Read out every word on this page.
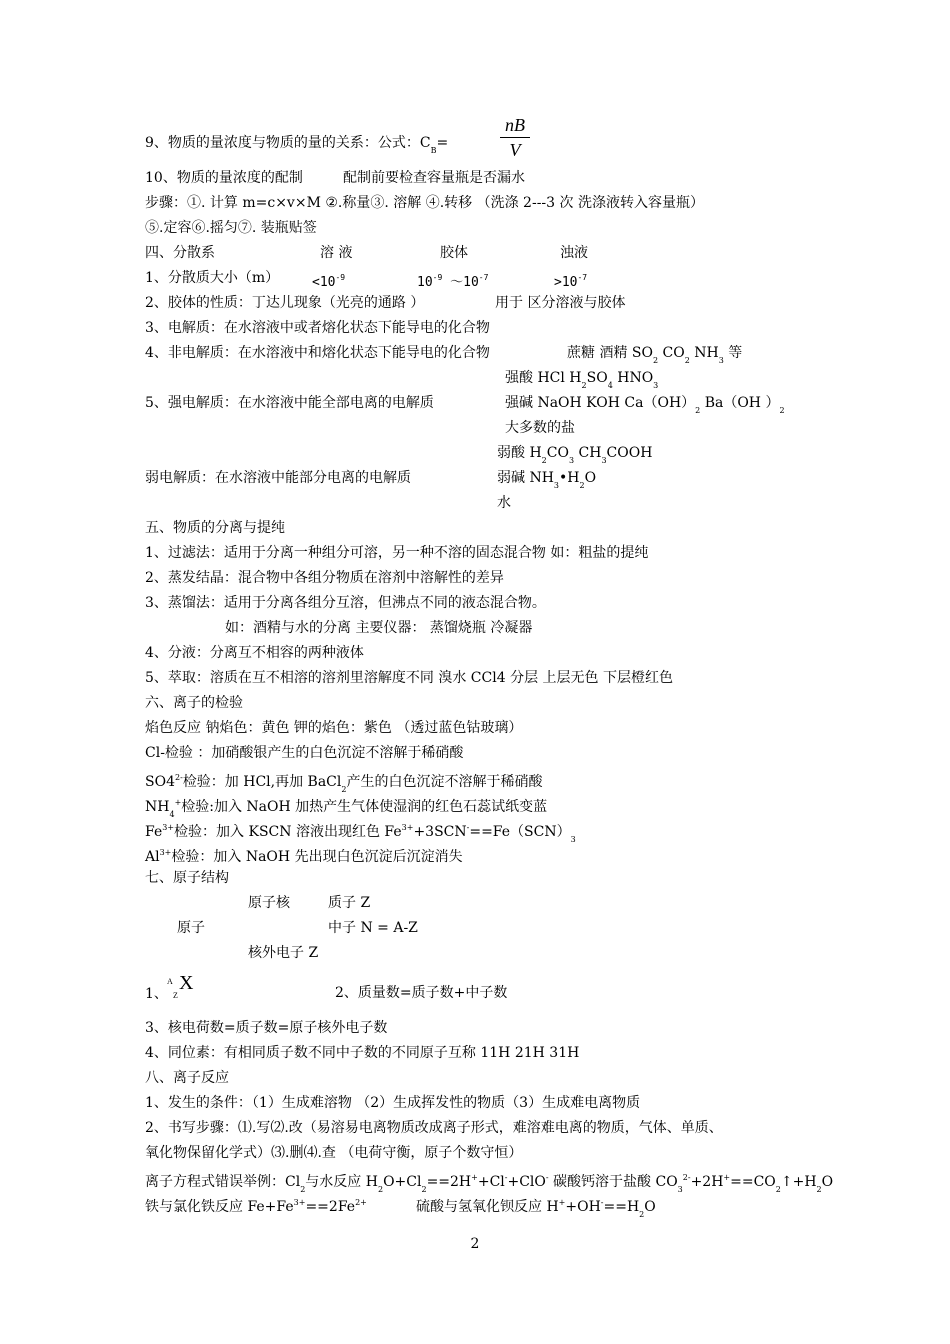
9、物质的量浓度与物质的量的关系：公式：$C_B=$
nB
V
10、物质的量浓度的配制	配制前要检查容量瓶是否漏水
步骤：①. 计算 m=c×v×M ②.称量③. 溶解 ④.转移 （洗涤 2---3 次 洗涤液转入容量瓶）
⑤.定容⑥.摇匀⑦. 装瓶贴签
四、分散系	溶 液	胶体	浊液
1、分散质大小（m）	$<10^{-9}$	$10^{-9}$ $\sim 10^{-7}$	$>10^{-7}$
2、胶体的性质：丁达儿现象（光亮的通路 ）	用于 区分溶液与胶体
3、电解质：在水溶液中或者熔化状态下能导电的化合物
4、非电解质：在水溶液中和熔化状态下能导电的化合物	蔗糖 酒精 $SO_2$ $CO_2$ $NH_3$ 等
强酸 HCl $H_2SO_4$ $HNO_3$
5、强电解质：在水溶液中能全部电离的电解质	强碱 NaOH KOH $Ca(OH)_2$ Ba（OH ）$_2$
大多数的盐
弱酸 $H_2CO_3$ $CH_3COOH$
弱电解质：在水溶液中能部分电离的电解质	弱碱 $NH_3•H_2O$
水
五、物质的分离与提纯
1、过滤法：适用于分离一种组分可溶，另一种不溶的固态混合物 如：粗盐的提纯
2、蒸发结晶：混合物中各组分物质在溶剂中溶解性的差异
3、蒸馏法：适用于分离各组分互溶，但沸点不同的液态混合物。
如：酒精与水的分离 主要仪器： 蒸馏烧瓶 冷凝器
4、分液：分离互不相容的两种液体
5、萃取：溶质在互不相溶的溶剂里溶解度不同 溴水 CCl4 分层 上层无色 下层橙红色
六、离子的检验
焰色反应 钠焰色：黄色 钾的焰色：紫色 （透过蓝色钴玻璃）
Cl-检验 ：加硝酸银产生的白色沉淀不溶解于稀硝酸
$SO4^{2-}$检验：加 HCl,再加 BaCl$_2$产生的白色沉淀不溶解于稀硝酸
$NH_4^+$检验:加入 NaOH 加热产生气体使湿润的红色石蕊试纸变蓝
$Fe^{3+}$检验：加入 KSCN 溶液出现红色 $Fe^{3+}+3SCN^-==Fe(SCN)_3$
$Al^{3+}$检验：加入 NaOH 先出现白色沉淀后沉淀消失
七、原子结构
原子核	质子 Z
原子	中子 N = A-Z
核外电子 Z
1、
A
Z
X	2、质量数=质子数+中子数
3、核电荷数=质子数=原子核外电子数
4、同位素：有相同质子数不同中子数的不同原子互称 11H 21H 31H
八、离子反应
1、发生的条件：（1）生成难溶物 （2）生成挥发性的物质（3）生成难电离物质
2、书写步骤：⑴.写⑵.改（易溶易电离物质改成离子形式，难溶难电离的物质，气体、单质、
氧化物保留化学式）⑶.删⑷.查 （电荷守衡，原子个数守恒）
离子方程式错误举例：$Cl_2$与水反应 $H_2O+Cl_2==2H^++Cl^-+ClO^-$ 碳酸钙溶于盐酸 $CO_3^{2-}+2H^+==CO_2↑+H_2O$
铁与氯化铁反应 $Fe+Fe^{3+}==2Fe^{2+}$	硫酸与氢氧化钡反应 $H^++OH^-==H_2O$
2
